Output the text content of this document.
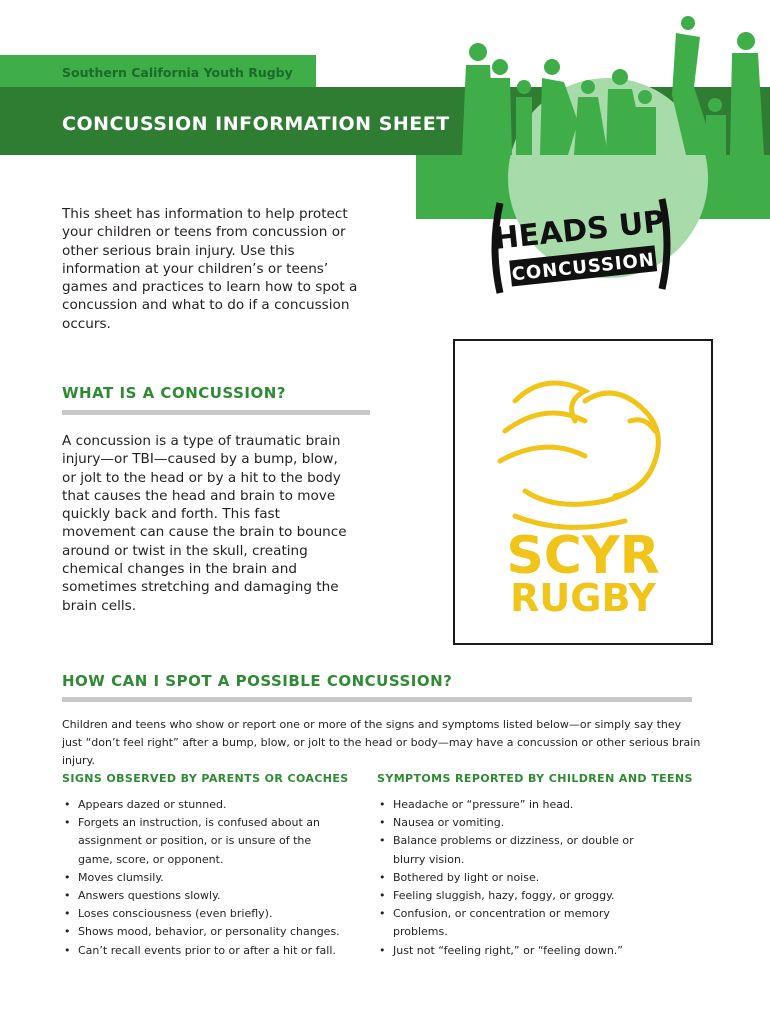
Southern California Youth Rugby
CONCUSSION INFORMATION SHEET
HEADS UP
CONCUSSION

This sheet has information to help protect your children or teens from concussion or other serious brain injury. Use this information at your children’s or teens’ games and practices to learn how to spot a concussion and what to do if a concussion occurs.

WHAT IS A CONCUSSION?

A concussion is a type of traumatic brain injury—or TBI—caused by a bump, blow, or jolt to the head or by a hit to the body that causes the head and brain to move quickly back and forth. This fast movement can cause the brain to bounce around or twist in the skull, creating chemical changes in the brain and sometimes stretching and damaging the brain cells.

SCYR
RUGBY
HOW CAN I SPOT A POSSIBLE CONCUSSION?

Children and teens who show or report one or more of the signs and symptoms listed below—or simply say they just “don’t feel right” after a bump, blow, or jolt to the head or body—may have a concussion or other serious brain injury.

SIGNS OBSERVED BY PARENTS OR COACHES
• Appears dazed or stunned.
• Forgets an instruction, is confused about an assignment or position, or is unsure of the game, score, or opponent.
• Moves clumsily.
• Answers questions slowly.
• Loses consciousness (even briefly).
• Shows mood, behavior, or personality changes.
• Can’t recall events prior to or after a hit or fall.
SYMPTOMS REPORTED BY CHILDREN AND TEENS
• Headache or “pressure” in head.
• Nausea or vomiting.
• Balance problems or dizziness, or double or blurry vision.
• Bothered by light or noise.
• Feeling sluggish, hazy, foggy, or groggy.
• Confusion, or concentration or memory problems.
• Just not “feeling right,” or “feeling down.”
